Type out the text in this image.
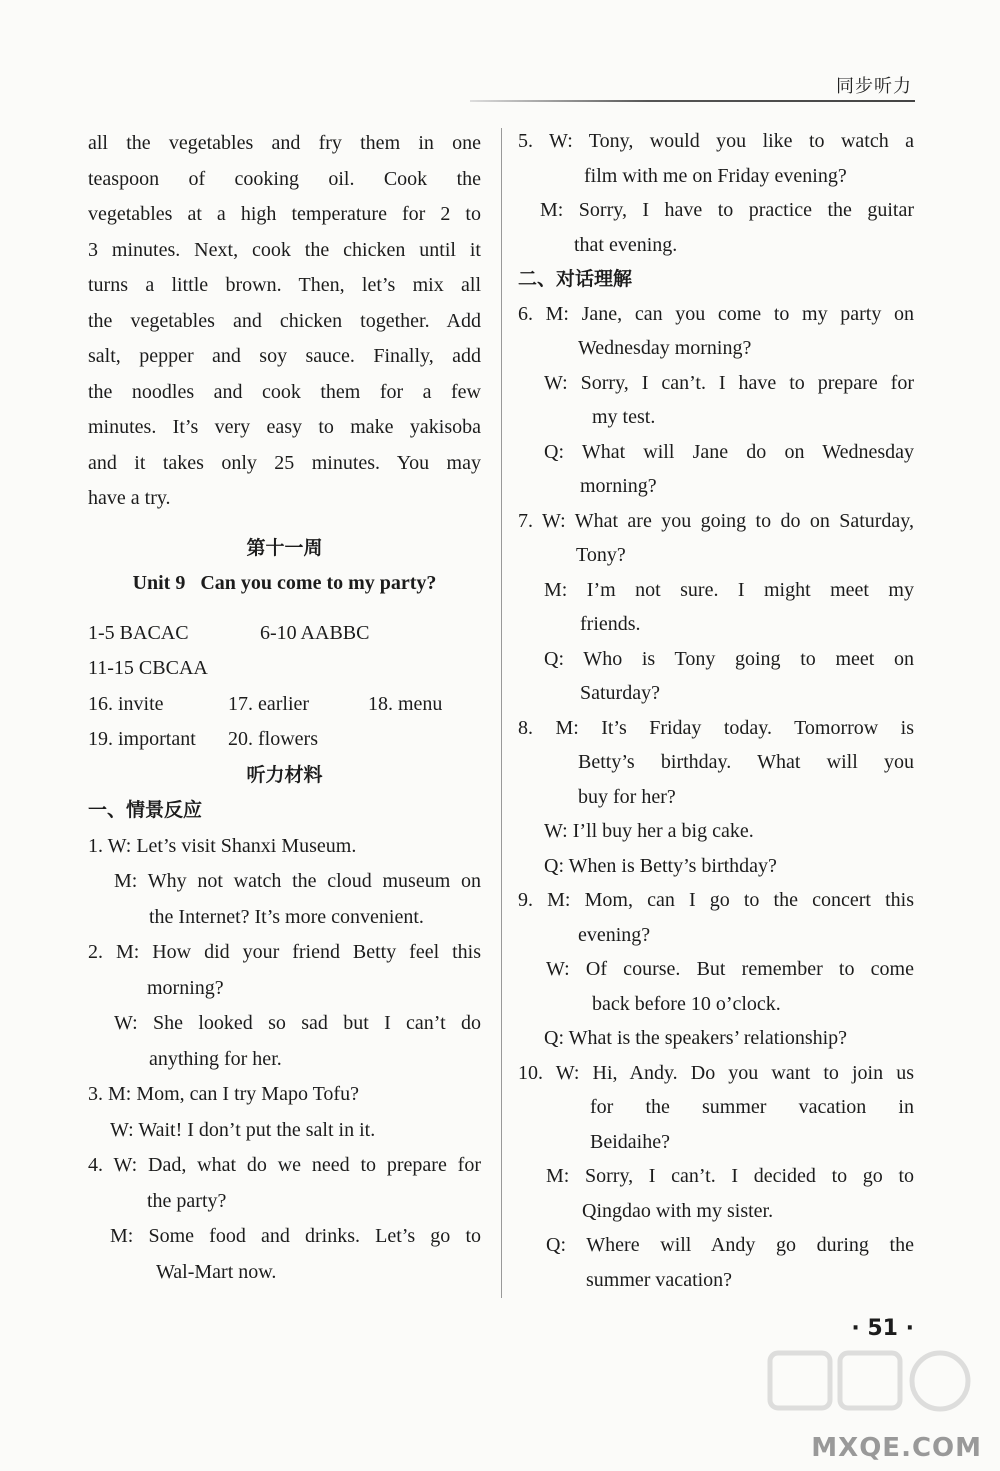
同步听力
all the vegetables and fry them in one
teaspoon of cooking oil. Cook the
vegetables at a high temperature for 2 to
3 minutes. Next, cook the chicken until it
turns a little brown. Then, let’s mix all
the vegetables and chicken together. Add
salt, pepper and soy sauce. Finally, add
the noodles and cook them for a few
minutes. It’s very easy to make yakisoba
and it takes only 25 minutes. You may
have a try.
第十一周
Unit 9   Can you come to my party?
1-5 BACAC	6-10 AABBC
11-15 CBCAA
16. invite	17. earlier	18. menu
19. important	20. flowers
听力材料
一、情景反应
1. W: Let’s visit Shanxi Museum.
M: Why not watch the cloud museum on
the Internet? It’s more convenient.
2. M: How did your friend Betty feel this
morning?
W: She looked so sad but I can’t do
anything for her.
3. M: Mom, can I try Mapo Tofu?
W: Wait! I don’t put the salt in it.
4. W: Dad, what do we need to prepare for
the party?
M: Some food and drinks. Let’s go to
Wal-Mart now.
5. W: Tony, would you like to watch a
film with me on Friday evening?
M: Sorry, I have to practice the guitar
that evening.
二、对话理解
6. M: Jane, can you come to my party on
Wednesday morning?
W: Sorry, I can’t. I have to prepare for
my test.
Q: What will Jane do on Wednesday
morning?
7. W: What are you going to do on Saturday,
Tony?
M: I’m not sure. I might meet my
friends.
Q: Who is Tony going to meet on
Saturday?
8. M: It’s Friday today. Tomorrow is
Betty’s birthday. What will you
buy for her?
W: I’ll buy her a big cake.
Q: When is Betty’s birthday?
9. M: Mom, can I go to the concert this
evening?
W: Of course. But remember to come
back before 10 o’clock.
Q: What is the speakers’ relationship?
10. W: Hi, Andy. Do you want to join us
for the summer vacation in
Beidaihe?
M: Sorry, I can’t. I decided to go to
Qingdao with my sister.
Q: Where will Andy go during the
summer vacation?
· 51 ·
MXQE.COM
